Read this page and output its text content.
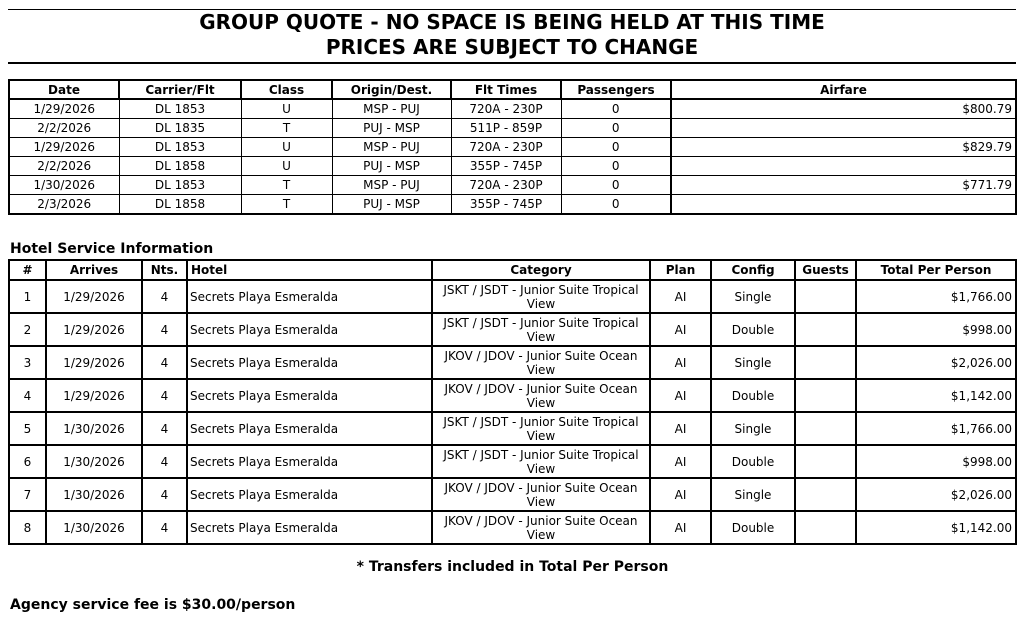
GROUP QUOTE - NO SPACE IS BEING HELD AT THIS TIME
PRICES ARE SUBJECT TO CHANGE
Date	Carrier/Flt	Class	Origin/Dest.	Flt Times	Passengers	Airfare
1/29/2026	DL 1853	U	MSP - PUJ	720A - 230P	0	$800.79
2/2/2026	DL 1835	T	PUJ - MSP	511P - 859P	0	
1/29/2026	DL 1853	U	MSP - PUJ	720A - 230P	0	$829.79
2/2/2026	DL 1858	U	PUJ - MSP	355P - 745P	0	
1/30/2026	DL 1853	T	MSP - PUJ	720A - 230P	0	$771.79
2/3/2026	DL 1858	T	PUJ - MSP	355P - 745P	0	
Hotel Service Information
#	Arrives	Nts.	Hotel	Category	Plan	Config	Guests	Total Per Person
1	1/29/2026	4	Secrets Playa Esmeralda	JSKT / JSDT - Junior Suite Tropical View	AI	Single		$1,766.00
2	1/29/2026	4	Secrets Playa Esmeralda	JSKT / JSDT - Junior Suite Tropical View	AI	Double		$998.00
3	1/29/2026	4	Secrets Playa Esmeralda	JKOV / JDOV - Junior Suite Ocean View	AI	Single		$2,026.00
4	1/29/2026	4	Secrets Playa Esmeralda	JKOV / JDOV - Junior Suite Ocean View	AI	Double		$1,142.00
5	1/30/2026	4	Secrets Playa Esmeralda	JSKT / JSDT - Junior Suite Tropical View	AI	Single		$1,766.00
6	1/30/2026	4	Secrets Playa Esmeralda	JSKT / JSDT - Junior Suite Tropical View	AI	Double		$998.00
7	1/30/2026	4	Secrets Playa Esmeralda	JKOV / JDOV - Junior Suite Ocean View	AI	Single		$2,026.00
8	1/30/2026	4	Secrets Playa Esmeralda	JKOV / JDOV - Junior Suite Ocean View	AI	Double		$1,142.00
* Transfers included in Total Per Person
Agency service fee is $30.00/person
